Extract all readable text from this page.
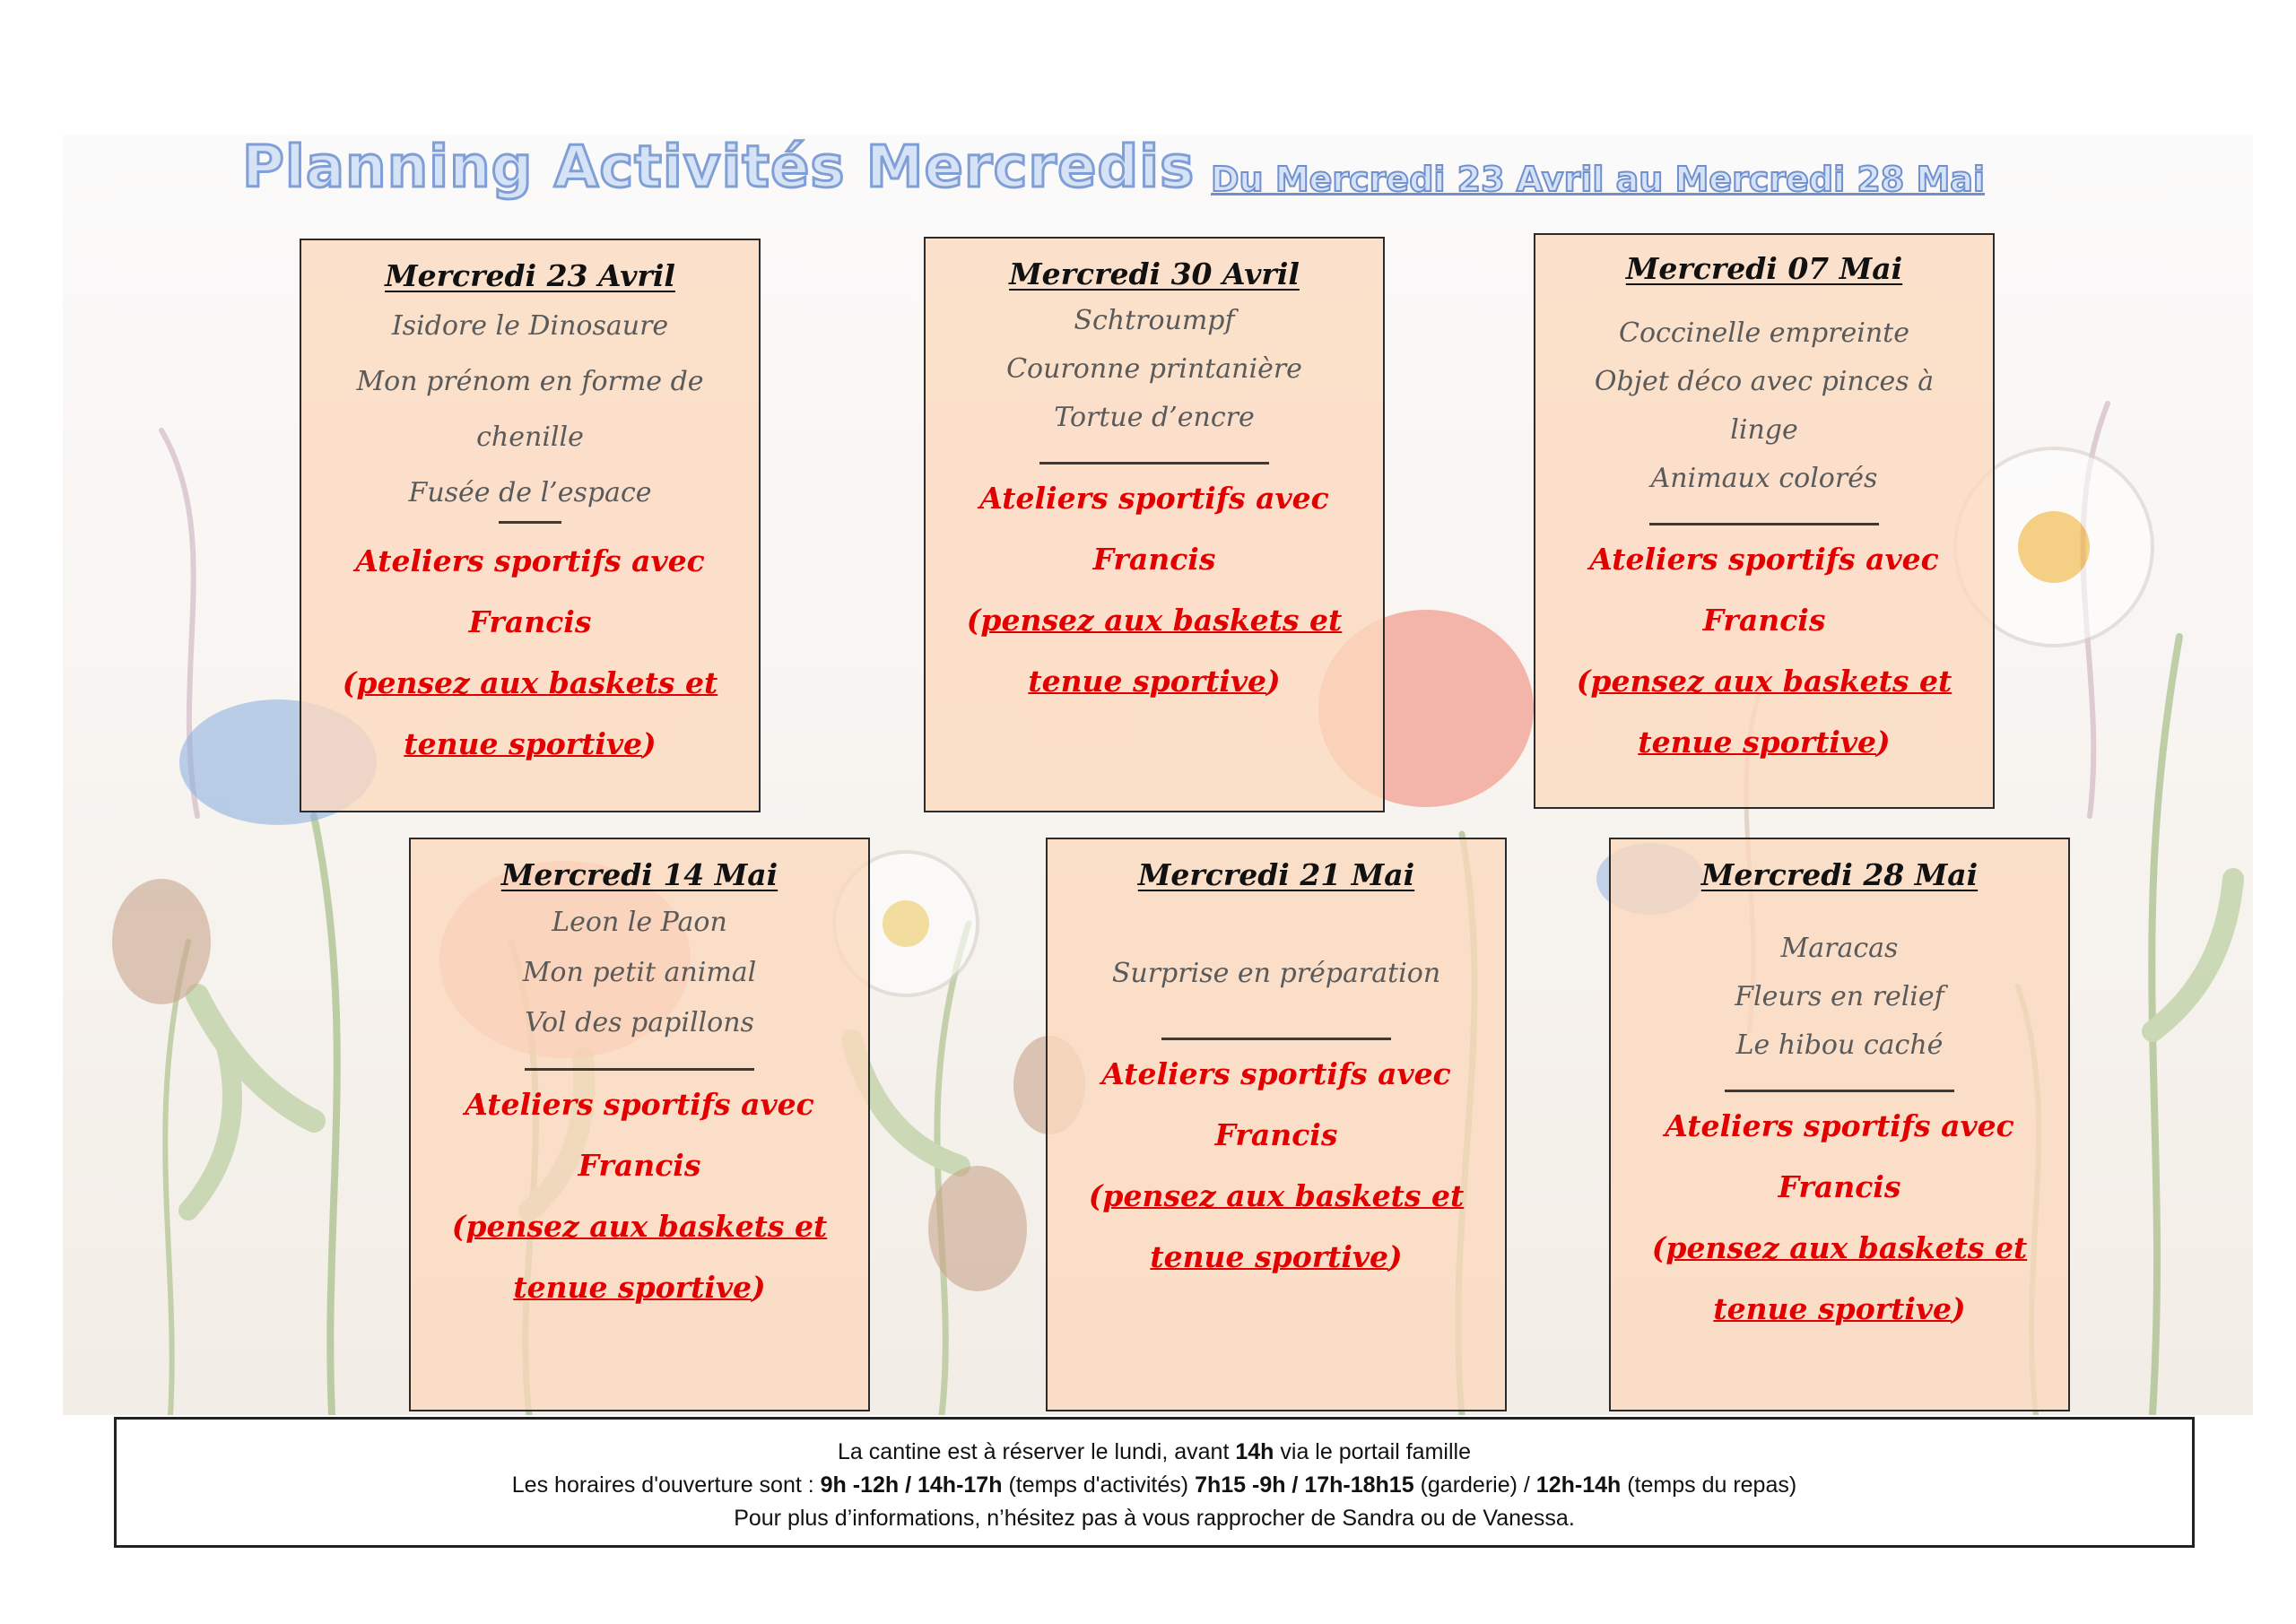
Planning Activités Mercredis Du Mercredi 23 Avril au Mercredi 28 Mai
Mercredi 23 Avril
Isidore le Dinosaure
Mon prénom en forme de chenille
Fusée de l’espace
Ateliers sportifs avec Francis
(pensez aux baskets et tenue sportive)
Mercredi 30 Avril
Schtroumpf
Couronne printanière
Tortue d’encre
Ateliers sportifs avec Francis
(pensez aux baskets et tenue sportive)
Mercredi 07 Mai
Coccinelle empreinte
Objet déco avec pinces à linge
Animaux colorés
Ateliers sportifs avec Francis
(pensez aux baskets et tenue sportive)
Mercredi 14 Mai
Leon le Paon
Mon petit animal
Vol des papillons
Ateliers sportifs avec Francis
(pensez aux baskets et tenue sportive)
Mercredi 21 Mai
Surprise en préparation
Ateliers sportifs avec Francis
(pensez aux baskets et tenue sportive)
Mercredi 28 Mai
Maracas
Fleurs en relief
Le hibou caché
Ateliers sportifs avec Francis
(pensez aux baskets et tenue sportive)
La cantine est à réserver le lundi, avant 14h via le portail famille
Les horaires d'ouverture sont : 9h -12h / 14h-17h (temps d'activités) 7h15 -9h / 17h-18h15 (garderie) / 12h-14h (temps du repas)
Pour plus d’informations, n’hésitez pas à vous rapprocher de Sandra ou de Vanessa.
